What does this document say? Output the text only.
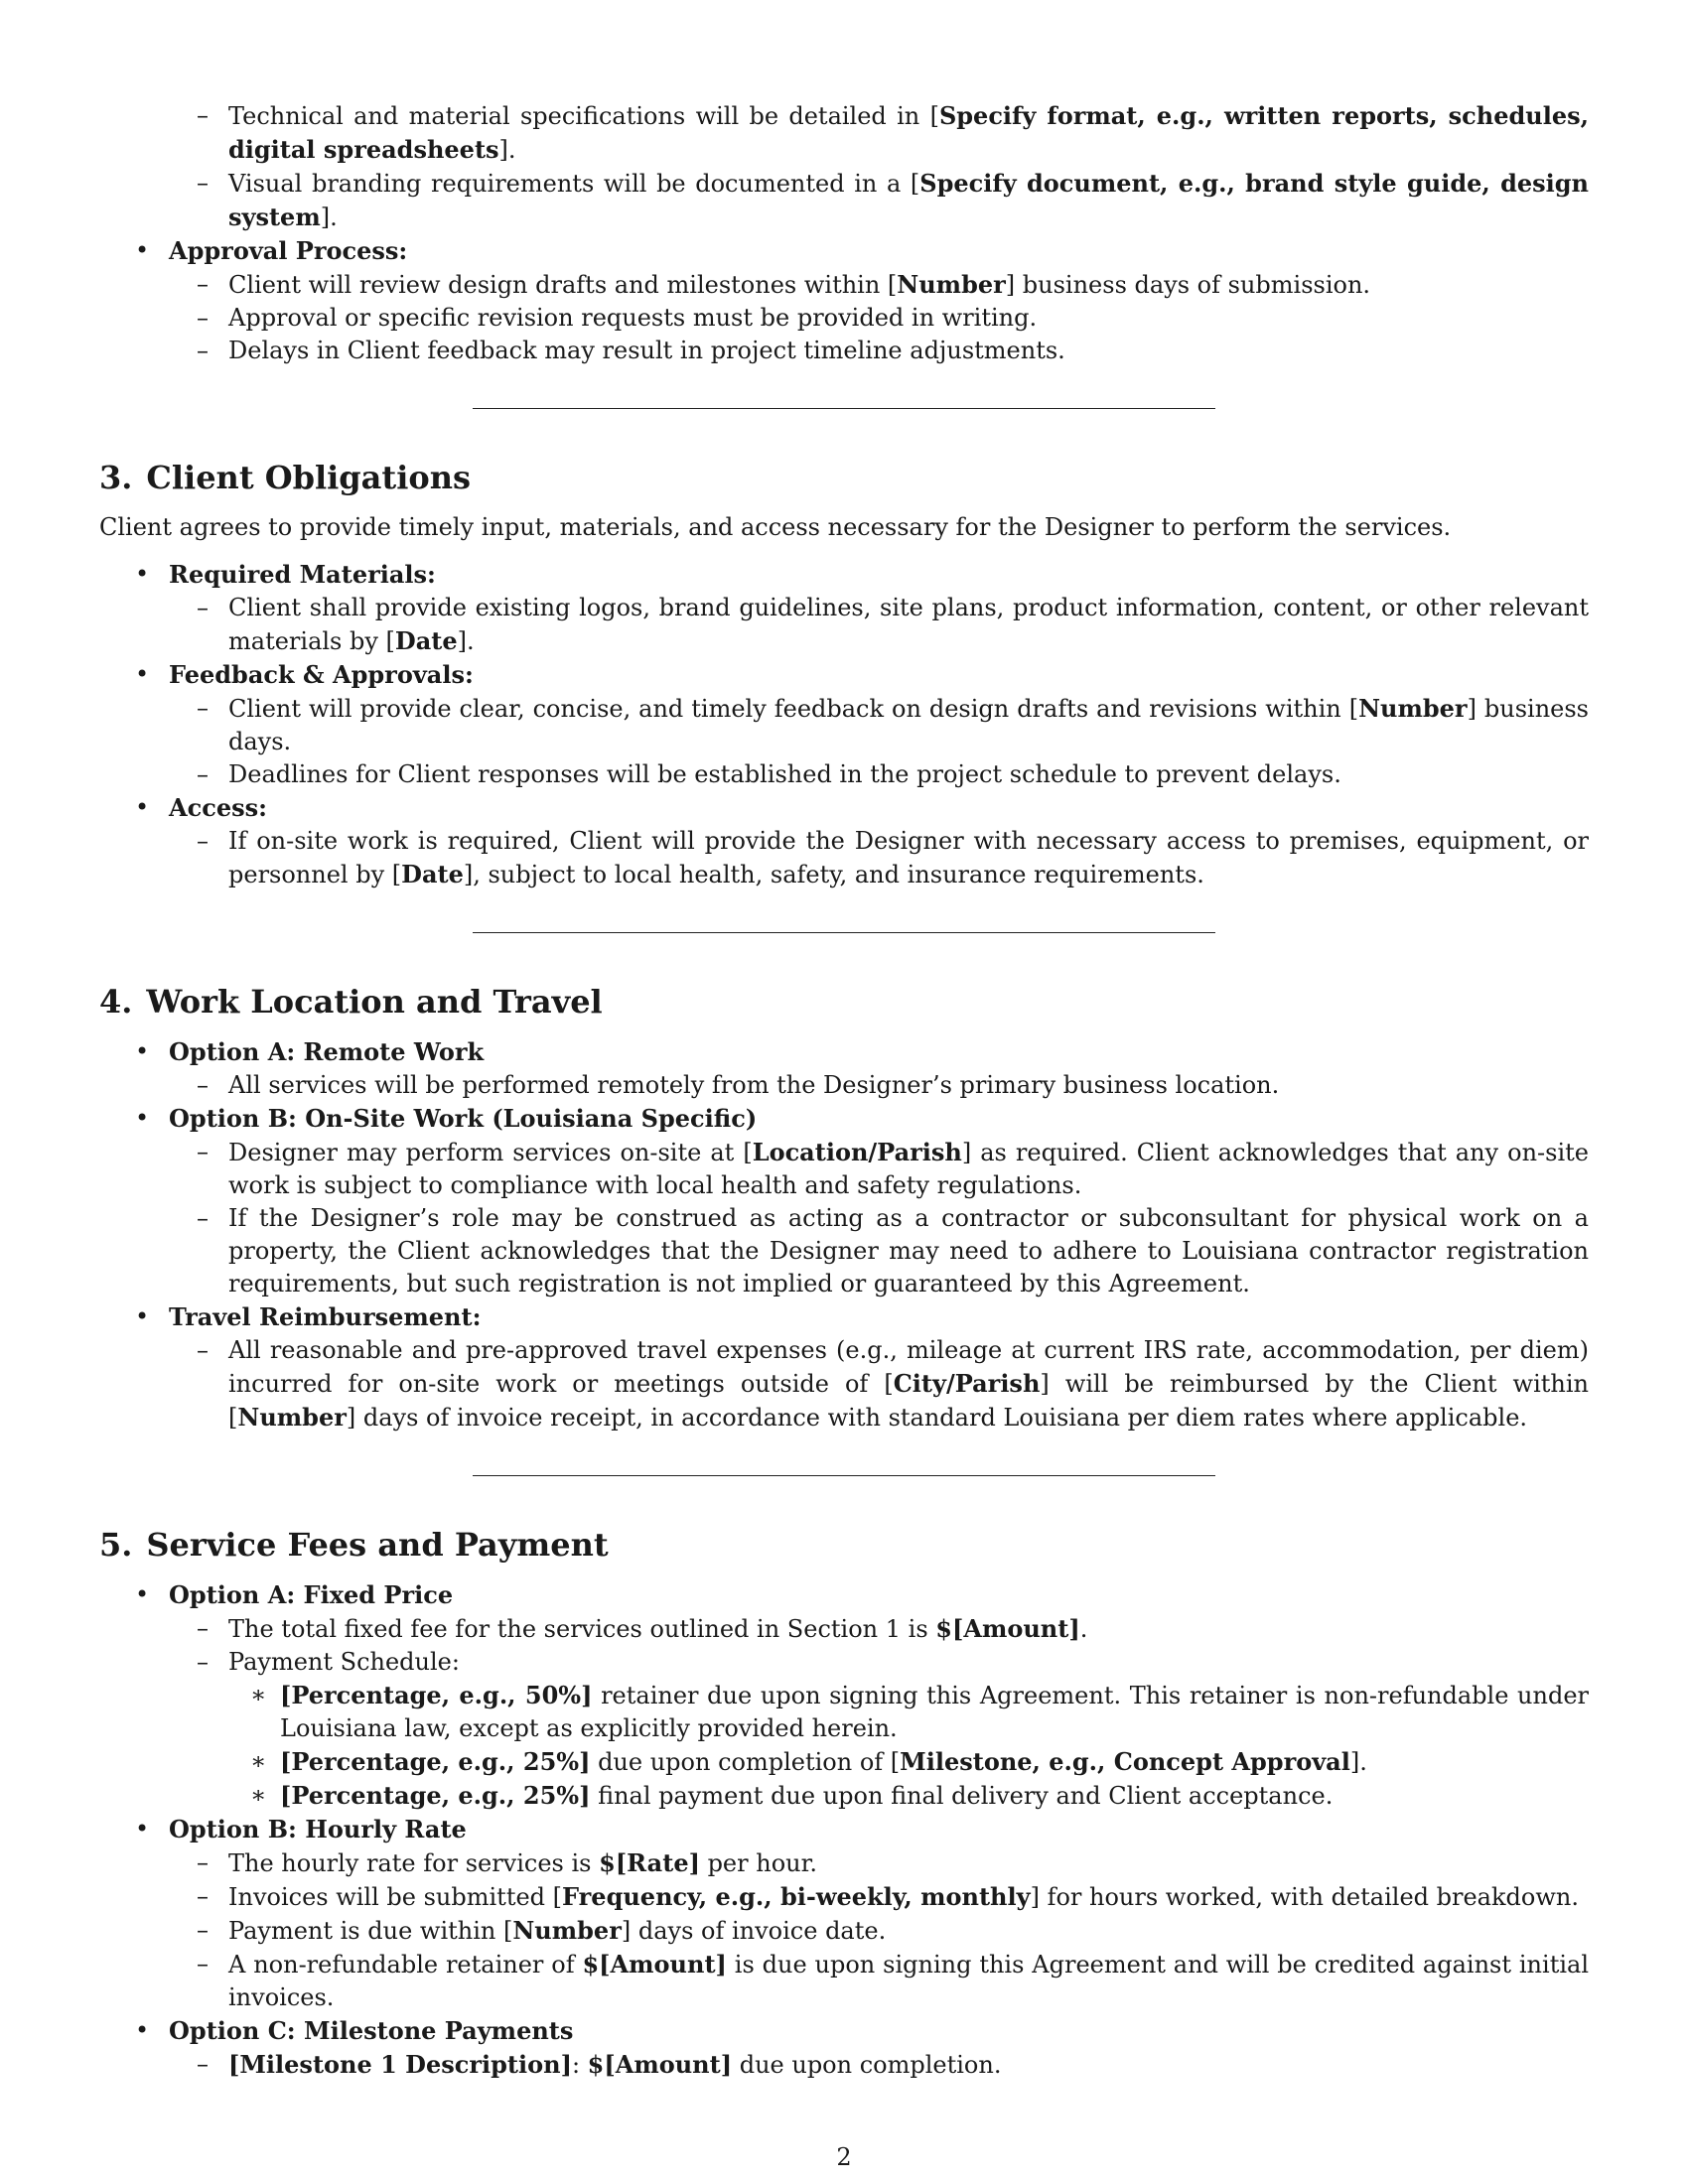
– Technical and material specifications will be detailed in [Specify format, e.g., written reports, schedules, digital spreadsheets].
– Visual branding requirements will be documented in a [Specify document, e.g., brand style guide, design system].
• Approval Process:
– Client will review design drafts and milestones within [Number] business days of submission.
– Approval or specific revision requests must be provided in writing.
– Delays in Client feedback may result in project timeline adjustments.
3. Client Obligations

Client agrees to provide timely input, materials, and access necessary for the Designer to perform the services.

• Required Materials:
– Client shall provide existing logos, brand guidelines, site plans, product information, content, or other relevant materials by [Date].
• Feedback & Approvals:
– Client will provide clear, concise, and timely feedback on design drafts and revisions within [Number] business days.
– Deadlines for Client responses will be established in the project schedule to prevent delays.
• Access:
– If on-site work is required, Client will provide the Designer with necessary access to premises, equipment, or personnel by [Date], subject to local health, safety, and insurance requirements.
4. Work Location and Travel
• Option A: Remote Work
– All services will be performed remotely from the Designer’s primary business location.
• Option B: On-Site Work (Louisiana Specific)
– Designer may perform services on-site at [Location/Parish] as required. Client acknowledges that any on-site work is subject to compliance with local health and safety regulations.
– If the Designer’s role may be construed as acting as a contractor or subconsultant for physical work on a property, the Client acknowledges that the Designer may need to adhere to Louisiana contractor registration requirements, but such registration is not implied or guaranteed by this Agreement.
• Travel Reimbursement:
– All reasonable and pre-approved travel expenses (e.g., mileage at current IRS rate, accommodation, per diem) incurred for on-site work or meetings outside of [City/Parish] will be reimbursed by the Client within [Number] days of invoice receipt, in accordance with standard Louisiana per diem rates where applicable.
5. Service Fees and Payment
• Option A: Fixed Price
– The total fixed fee for the services outlined in Section 1 is $[Amount].
– Payment Schedule:
∗ [Percentage, e.g., 50%] retainer due upon signing this Agreement. This retainer is non-refundable under Louisiana law, except as explicitly provided herein.
∗ [Percentage, e.g., 25%] due upon completion of [Milestone, e.g., Concept Approval].
∗ [Percentage, e.g., 25%] final payment due upon final delivery and Client acceptance.
• Option B: Hourly Rate
– The hourly rate for services is $[Rate] per hour.
– Invoices will be submitted [Frequency, e.g., bi-weekly, monthly] for hours worked, with detailed breakdown.
– Payment is due within [Number] days of invoice date.
– A non-refundable retainer of $[Amount] is due upon signing this Agreement and will be credited against initial invoices.
• Option C: Milestone Payments
– [Milestone 1 Description]: $[Amount] due upon completion.
2
